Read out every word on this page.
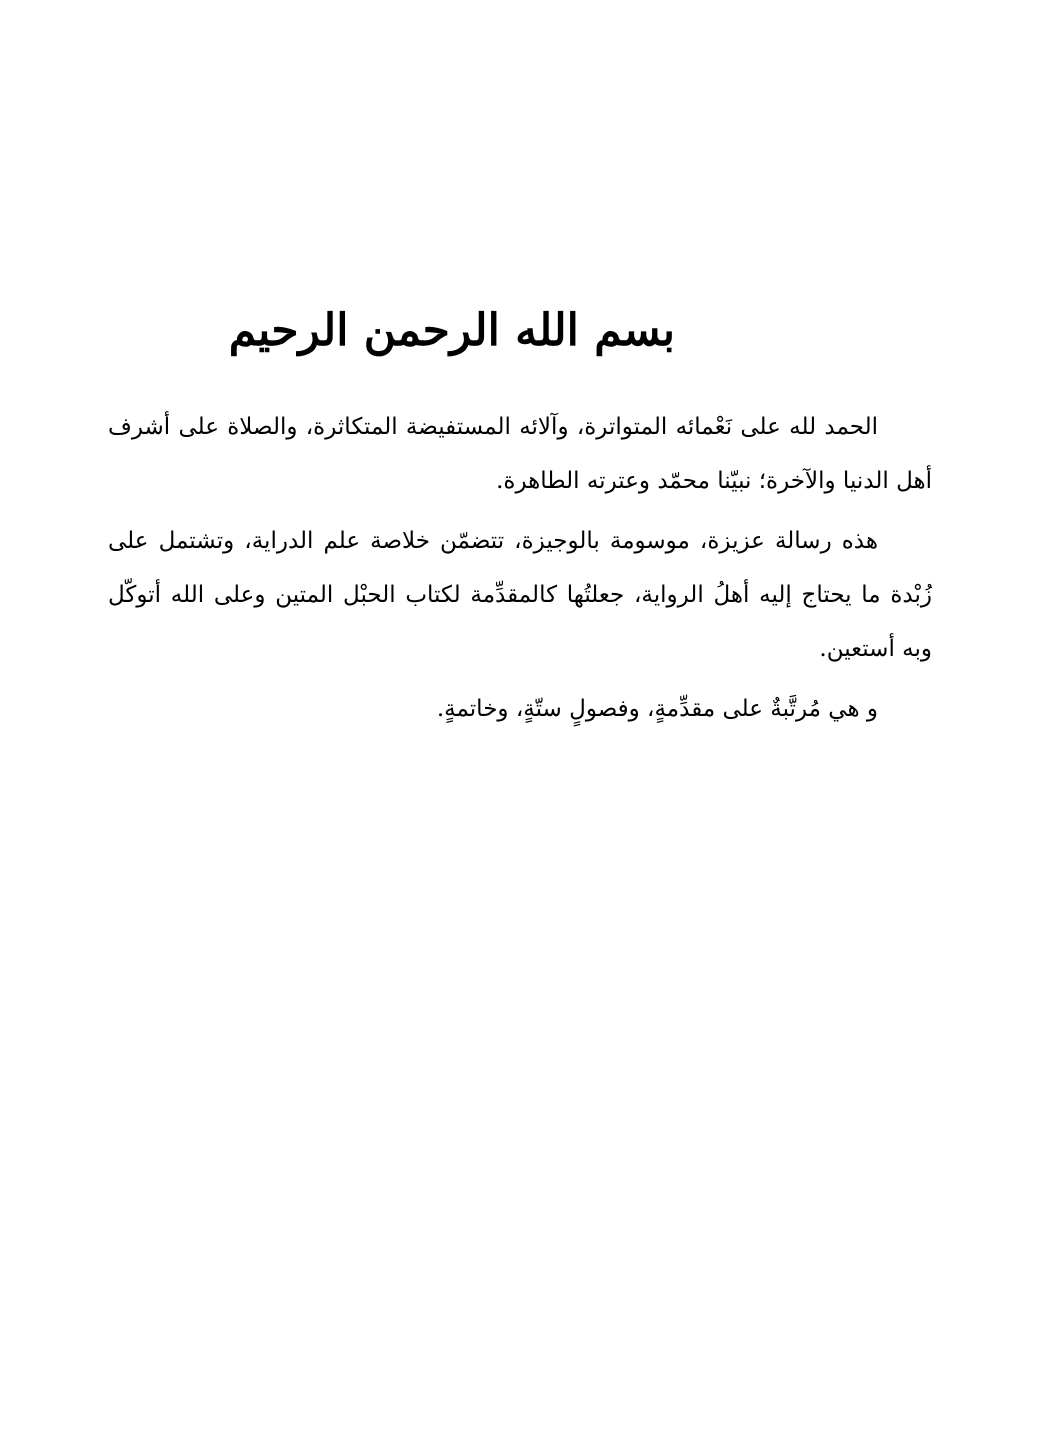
بسم الله الرحمن الرحيم

الحمد لله على نَعْمائه المتواترة، وآلائه المستفيضة المتكاثرة، والصلاة على أشرف أهل الدنيا والآخرة؛ نبيّنا محمّد وعترته الطاهرة.

هذه رسالة عزيزة، موسومة بالوجيزة، تتضمّن خلاصة علم الدراية، وتشتمل على زُبْدة ما يحتاج إليه أهلُ الرواية، جعلتُها كالمقدِّمة لكتاب الحبْل المتين وعلى الله أتوكّل وبه أستعين.

و هي مُرتَّبةٌ على مقدِّمةٍ، وفصولٍ ستّةٍ، وخاتمةٍ.
